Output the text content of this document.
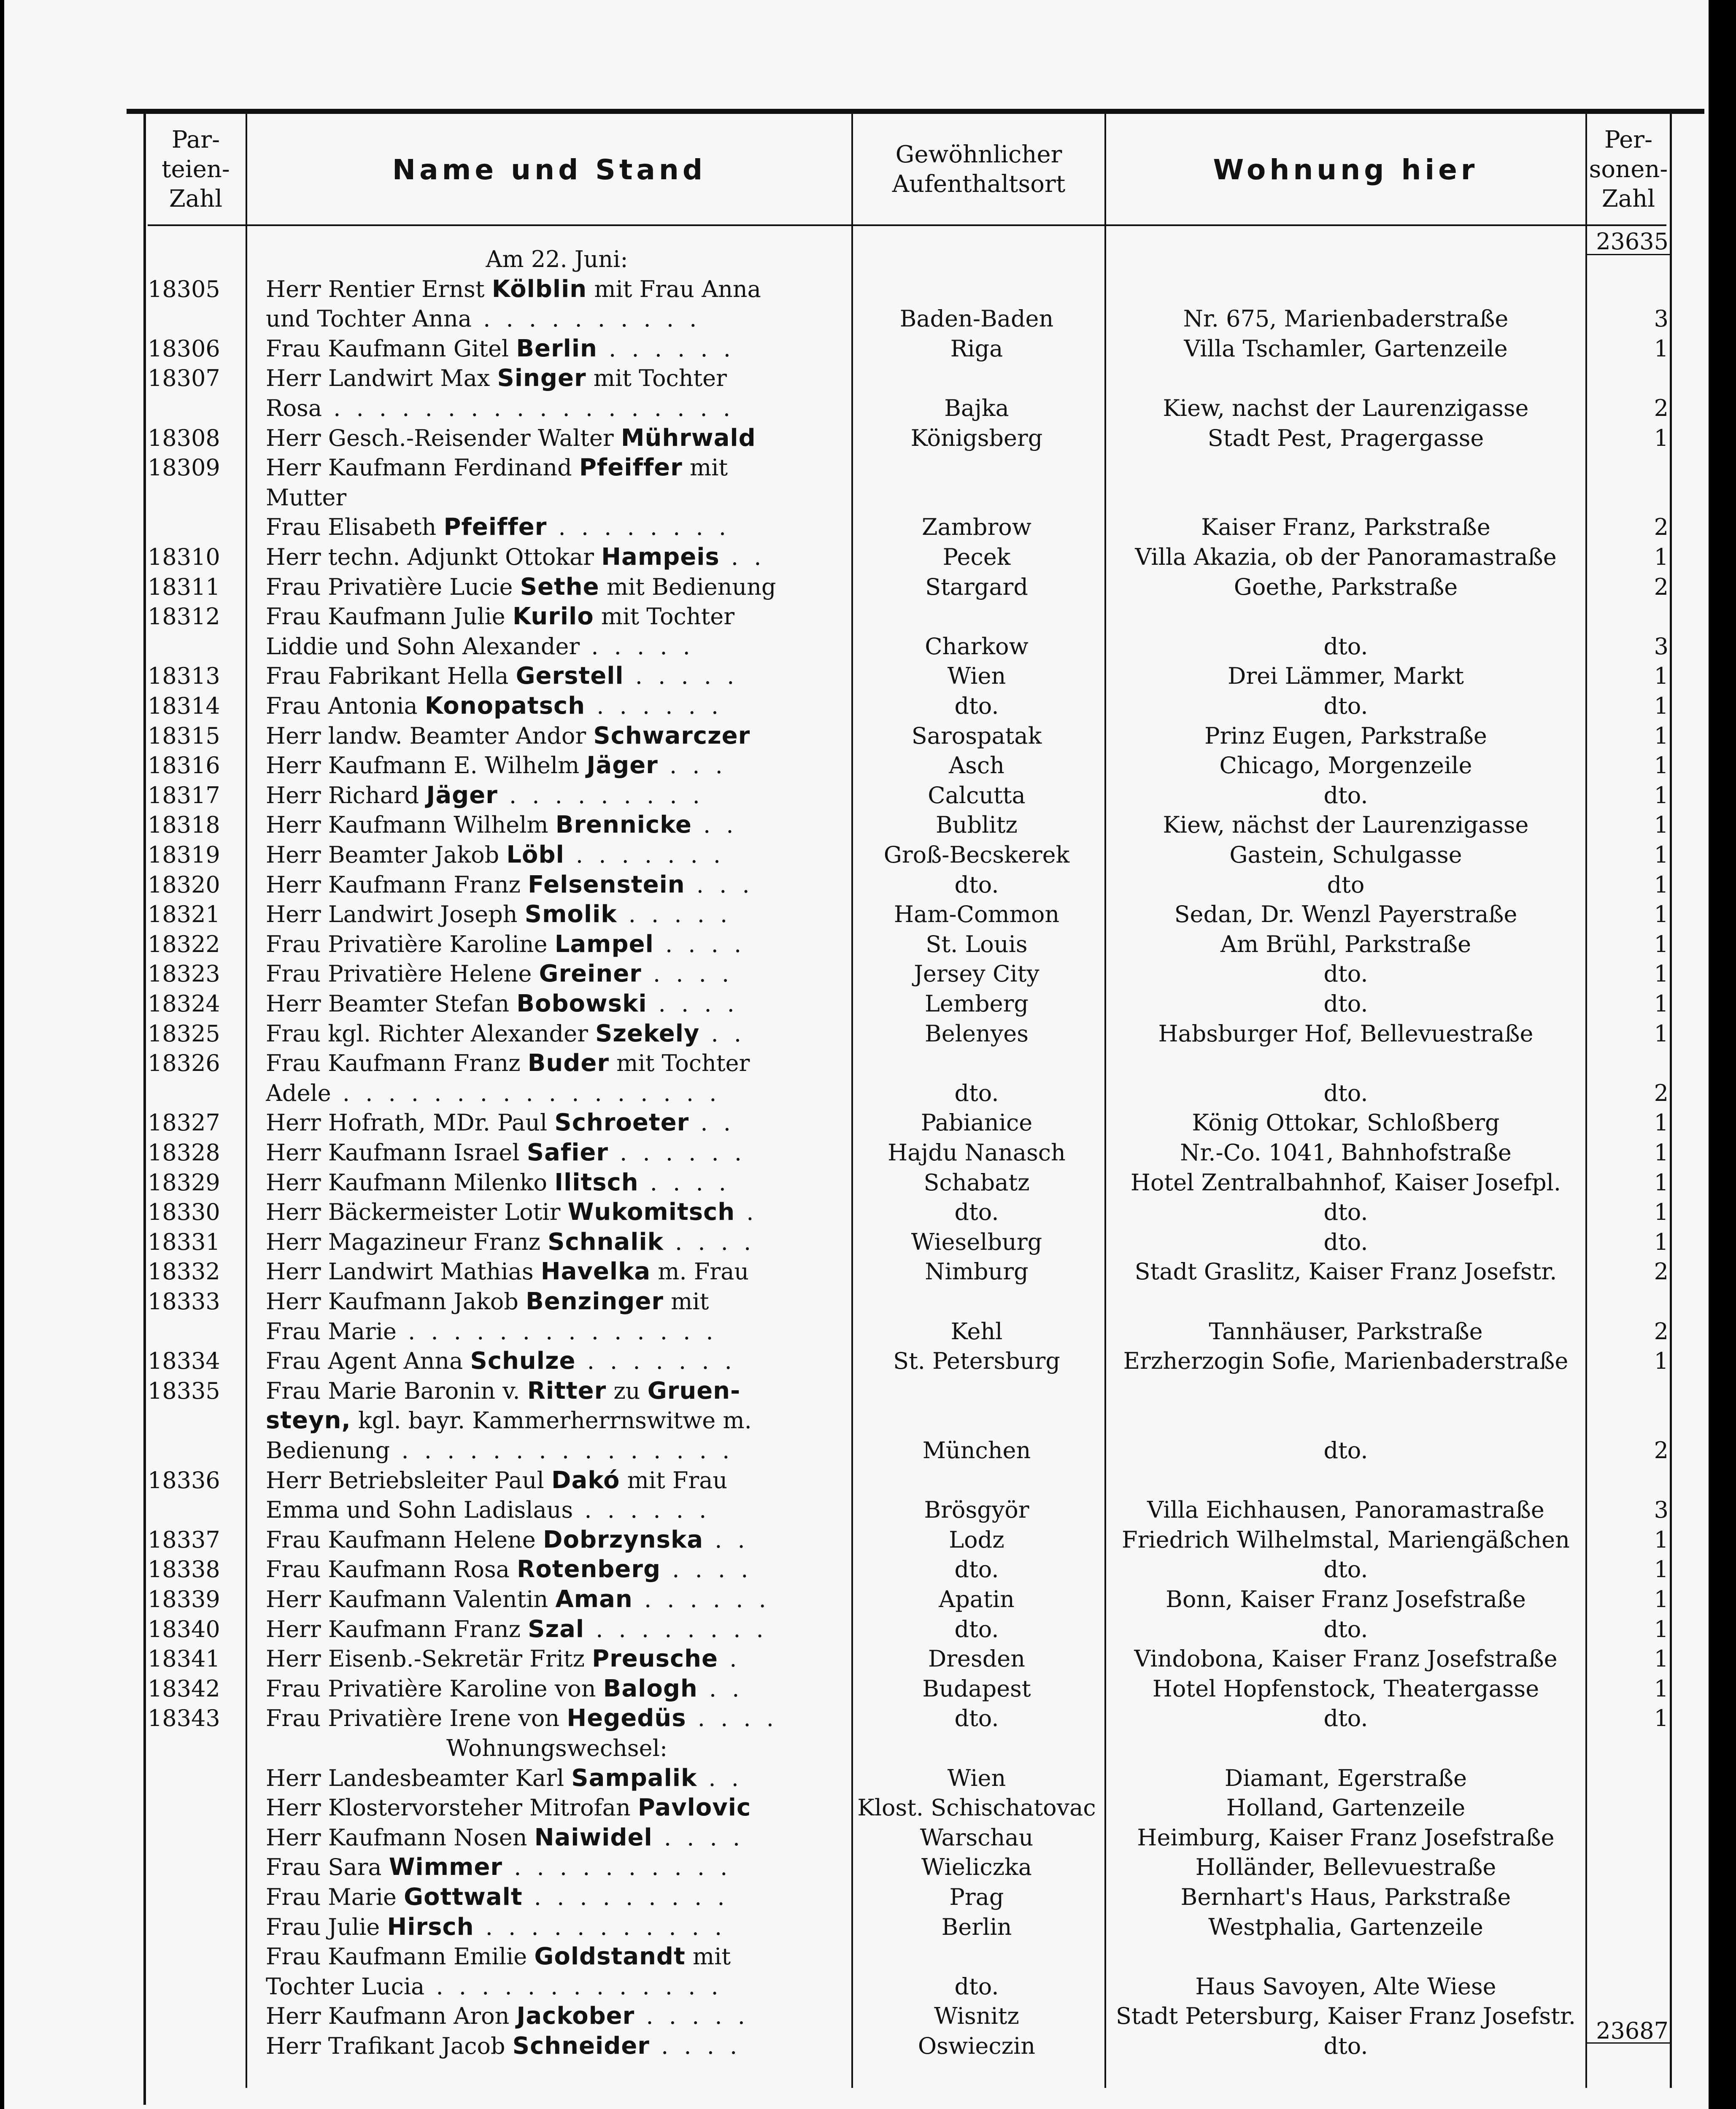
Par-
teien-
Zahl
Name und Stand	Gewöhnlicher
Aufenthaltsort	Wohnung hier
Per-
sonen-
Zahl
23635
Am 22. Juni:
18305	Herr Rentier Ernst Kölblin mit Frau Anna
und Tochter Anna . . . . . . . . . .	Baden-Baden	Nr. 675, Marienbaderstraße	3
18306	Frau Kaufmann Gitel Berlin . . . . . .	Riga	Villa Tschamler, Gartenzeile	1
18307	Herr Landwirt Max Singer mit Tochter
Rosa . . . . . . . . . . . . . . . . . .	Bajka	Kiew, nachst der Laurenzigasse	2
18308	Herr Gesch.-Reisender Walter Mührwald	Königsberg	Stadt Pest, Pragergasse	1
18309	Herr Kaufmann Ferdinand Pfeiffer mit
Mutter
Frau Elisabeth Pfeiffer . . . . . . . .	Zambrow	Kaiser Franz, Parkstraße	2
18310	Herr techn. Adjunkt Ottokar Hampeis . .	Pecek	Villa Akazia, ob der Panoramastraße	1
18311	Frau Privatière Lucie Sethe mit Bedienung	Stargard	Goethe, Parkstraße	2
18312	Frau Kaufmann Julie Kurilo mit Tochter
Liddie und Sohn Alexander . . . . .	Charkow	dto.	3
18313	Frau Fabrikant Hella Gerstell . . . . .	Wien	Drei Lämmer, Markt	1
18314	Frau Antonia Konopatsch . . . . . .	dto.	dto.	1
18315	Herr landw. Beamter Andor Schwarczer	Sarospatak	Prinz Eugen, Parkstraße	1
18316	Herr Kaufmann E. Wilhelm Jäger . . .	Asch	Chicago, Morgenzeile	1
18317	Herr Richard Jäger . . . . . . . . .	Calcutta	dto.	1
18318	Herr Kaufmann Wilhelm Brennicke . .	Bublitz	Kiew, nächst der Laurenzigasse	1
18319	Herr Beamter Jakob Löbl . . . . . . .	Groß-Becskerek	Gastein, Schulgasse	1
18320	Herr Kaufmann Franz Felsenstein . . .	dto.	dto	1
18321	Herr Landwirt Joseph Smolik . . . . .	Ham-Common	Sedan, Dr. Wenzl Payerstraße	1
18322	Frau Privatière Karoline Lampel . . . .	St. Louis	Am Brühl, Parkstraße	1
18323	Frau Privatière Helene Greiner . . . .	Jersey City	dto.	1
18324	Herr Beamter Stefan Bobowski . . . .	Lemberg	dto.	1
18325	Frau kgl. Richter Alexander Szekely . .	Belenyes	Habsburger Hof, Bellevuestraße	1
18326	Frau Kaufmann Franz Buder mit Tochter
Adele . . . . . . . . . . . . . . . . .	dto.	dto.	2
18327	Herr Hofrath, MDr. Paul Schroeter . .	Pabianice	König Ottokar, Schloßberg	1
18328	Herr Kaufmann Israel Safier . . . . . .	Hajdu Nanasch	Nr.-Co. 1041, Bahnhofstraße	1
18329	Herr Kaufmann Milenko Ilitsch . . . .	Schabatz	Hotel Zentralbahnhof, Kaiser Josefpl.	1
18330	Herr Bäckermeister Lotir Wukomitsch .	dto.	dto.	1
18331	Herr Magazineur Franz Schnalik . . . .	Wieselburg	dto.	1
18332	Herr Landwirt Mathias Havelka m. Frau	Nimburg	Stadt Graslitz, Kaiser Franz Josefstr.	2
18333	Herr Kaufmann Jakob Benzinger mit
Frau Marie . . . . . . . . . . . . . .	Kehl	Tannhäuser, Parkstraße	2
18334	Frau Agent Anna Schulze . . . . . . .	St. Petersburg	Erzherzogin Sofie, Marienbaderstraße	1
18335	Frau Marie Baronin v. Ritter zu Gruen-
steyn, kgl. bayr. Kammerherrnswitwe m.
Bedienung . . . . . . . . . . . . . . .	München	dto.	2
18336	Herr Betriebsleiter Paul Dakó mit Frau
Emma und Sohn Ladislaus . . . . . .	Brösgyör	Villa Eichhausen, Panoramastraße	3
18337	Frau Kaufmann Helene Dobrzynska . .	Lodz	Friedrich Wilhelmstal, Mariengäßchen	1
18338	Frau Kaufmann Rosa Rotenberg . . . .	dto.	dto.	1
18339	Herr Kaufmann Valentin Aman . . . . . .	Apatin	Bonn, Kaiser Franz Josefstraße	1
18340	Herr Kaufmann Franz Szal . . . . . . . .	dto.	dto.	1
18341	Herr Eisenb.-Sekretär Fritz Preusche .	Dresden	Vindobona, Kaiser Franz Josefstraße	1
18342	Frau Privatière Karoline von Balogh . .	Budapest	Hotel Hopfenstock, Theatergasse	1
18343	Frau Privatière Irene von Hegedüs . . . .	dto.	dto.	1
Wohnungswechsel:
Herr Landesbeamter Karl Sampalik . .	Wien	Diamant, Egerstraße
Herr Klostervorsteher Mitrofan Pavlovic	Klost. Schischatovac	Holland, Gartenzeile
Herr Kaufmann Nosen Naiwidel . . . .	Warschau	Heimburg, Kaiser Franz Josefstraße
Frau Sara Wimmer . . . . . . . . . .	Wieliczka	Holländer, Bellevuestraße
Frau Marie Gottwalt . . . . . . . . .	Prag	Bernhart's Haus, Parkstraße
Frau Julie Hirsch . . . . . . . . . . .	Berlin	Westphalia, Gartenzeile
Frau Kaufmann Emilie Goldstandt mit
Tochter Lucia . . . . . . . . . . . . .	dto.	Haus Savoyen, Alte Wiese
Herr Kaufmann Aron Jackober . . . . .	Wisnitz	Stadt Petersburg, Kaiser Franz Josefstr.
Herr Trafikant Jacob Schneider . . . .	Oswieczin	dto.
23687
